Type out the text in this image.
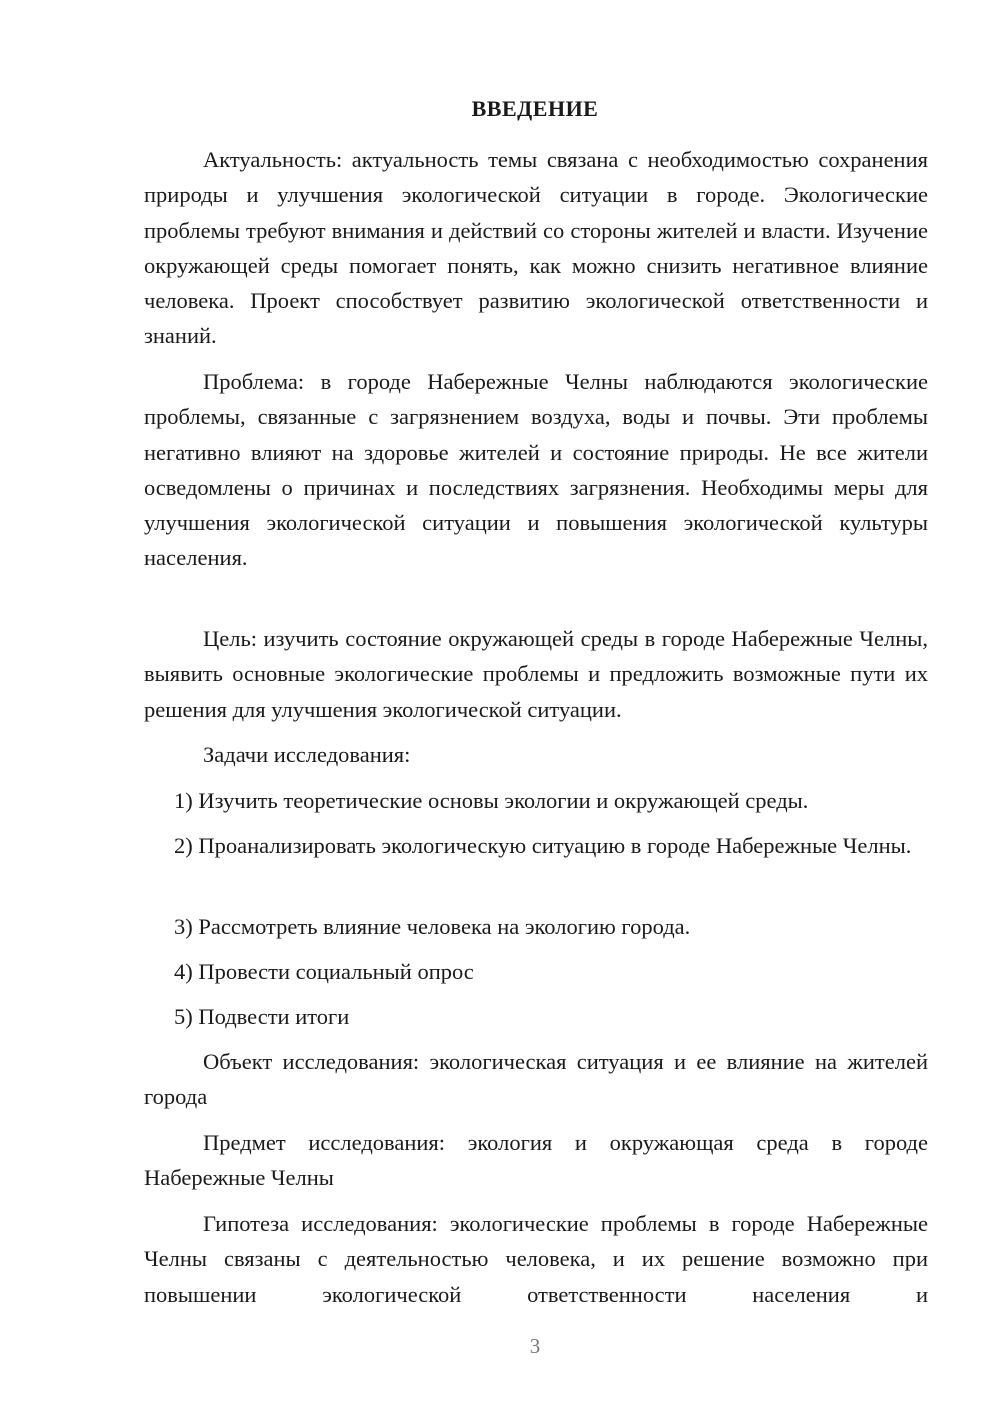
ВВЕДЕНИЕ

Актуальность: актуальность темы связана с необходимостью сохранения природы и улучшения экологической ситуации в городе. Экологические проблемы требуют внимания и действий со стороны жителей и власти. Изучение окружающей среды помогает понять, как можно снизить негативное влияние человека. Проект способствует развитию экологической ответственности и знаний.

Проблема: в городе Набережные Челны наблюдаются экологические проблемы, связанные с загрязнением воздуха, воды и почвы. Эти проблемы негативно влияют на здоровье жителей и состояние природы. Не все жители осведомлены о причинах и последствиях загрязнения. Необходимы меры для улучшения экологической ситуации и повышения экологической культуры населения.

Цель: изучить состояние окружающей среды в городе Набережные Челны, выявить основные экологические проблемы и предложить возможные пути их решения для улучшения экологической ситуации.

Задачи исследования:

1) Изучить теоретические основы экологии и окружающей среды.

2) Проанализировать экологическую ситуацию в городе Набережные Челны.

3) Рассмотреть влияние человека на экологию города.

4) Провести социальный опрос

5) Подвести итоги

Объект исследования: экологическая ситуация и ее влияние на жителей города

Предмет исследования: экология и окружающая среда в городе Набережные Челны

Гипотеза исследования: экологические проблемы в городе Набережные Челны связаны с деятельностью человека, и их решение возможно при повышении экологической ответственности населения и

3
